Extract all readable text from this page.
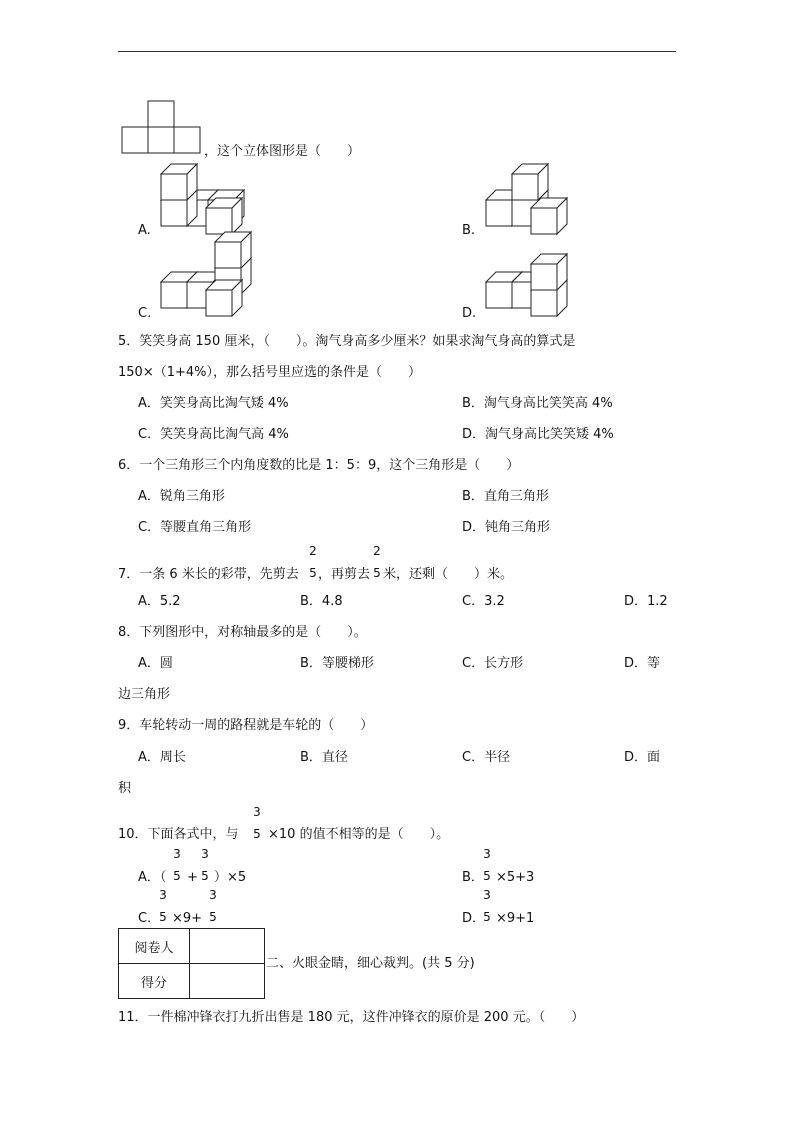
，这个立体图形是（　　）
A.	B.
C.	D.
5．笑笑身高 150 厘米，（　　）。淘气身高多少厘米？如果求淘气身高的算式是
150×（1+4%），那么括号里应选的条件是（　　）
A．笑笑身高比淘气矮 4%	B．淘气身高比笑笑高 4%
C．笑笑身高比淘气高 4%	D．淘气身高比笑笑矮 4%
6．一个三角形三个内角度数的比是 1：5：9，这个三角形是（　　）
A．锐角三角形	B．直角三角形
C．等腰直角三角形	D．钝角三角形
7．一条 6 米长的彩带，先剪去
2
5 ，再剪去
2
5 米，还剩（　　）米。
A．5.2	B．4.8	C．3.2	D．1.2
8．下列图形中，对称轴最多的是（　　）。
A．圆	B．等腰梯形	C．长方形	D．等
边三角形
9．车轮转动一周的路程就是车轮的（　　）
A．周长	B．直径	C．半径	D．面
积
10．下面各式中，与
3
5 ×10 的值不相等的是（　　）。
A．（
3
5 +
3
5 ）×5	B．
3
5 ×5+3
C．
3
5 ×9+
3
5	D．
3
5 ×9+1
阅卷人	
得分	
二、火眼金睛，细心裁判。(共 5 分)
11．一件棉冲锋衣打九折出售是 180 元，这件冲锋衣的原价是 200 元。（　　）
